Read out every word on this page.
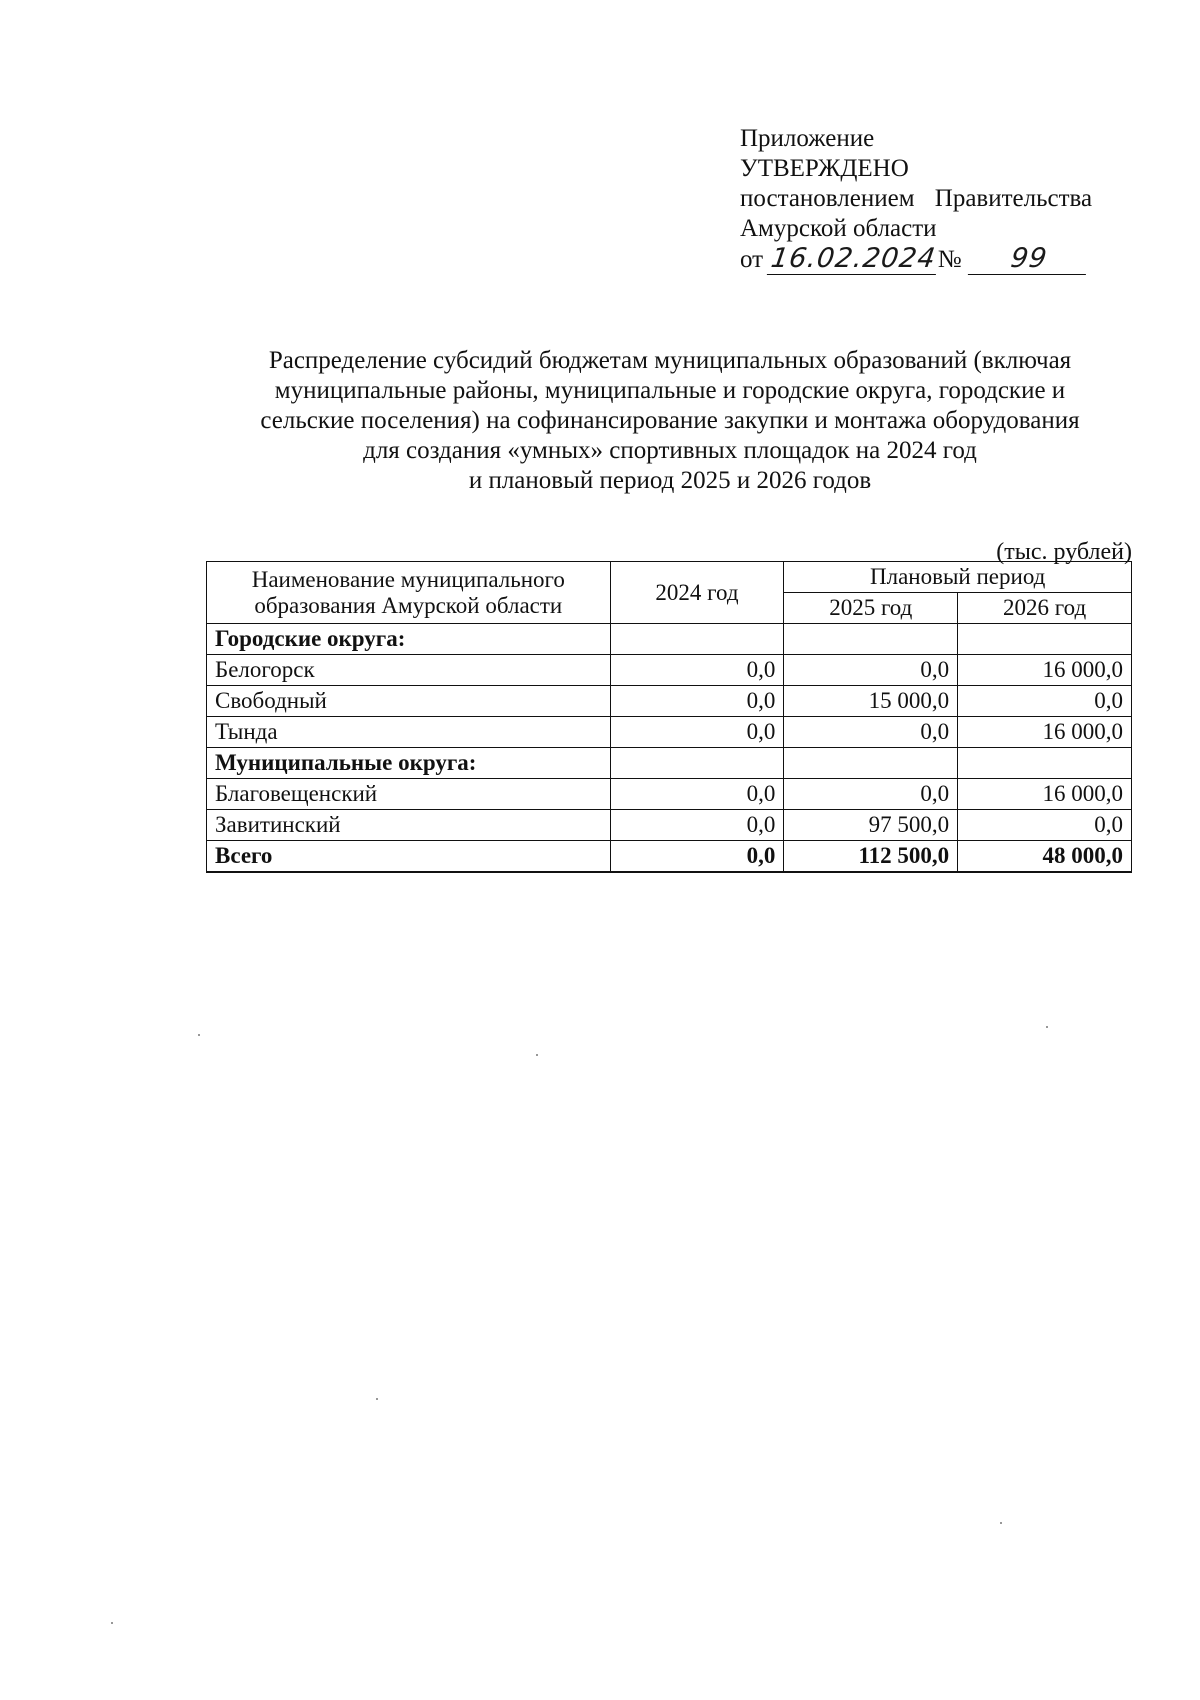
Приложение
УТВЕРЖДЕНО
постановлением Правительства
Амурской области
от 16.02.2024№ 99
Распределение субсидий бюджетам муниципальных образований (включая
муниципальные районы, муниципальные и городские округа, городские и
сельские поселения) на софинансирование закупки и монтажа оборудования
для создания «умных» спортивных площадок на 2024 год
и плановый период 2025 и 2026 годов
(тыс. рублей)
Наименование муниципального
образования Амурской области	2024 год	Плановый период	
		2025 год	2026 год
Городские округа:			
Белогорск	0,0	0,0	16 000,0
Свободный	0,0	15 000,0	0,0
Тында	0,0	0,0	16 000,0
Муниципальные округа:			
Благовещенский	0,0	0,0	16 000,0
Завитинский	0,0	97 500,0	0,0
Всего	0,0	112 500,0	48 000,0
